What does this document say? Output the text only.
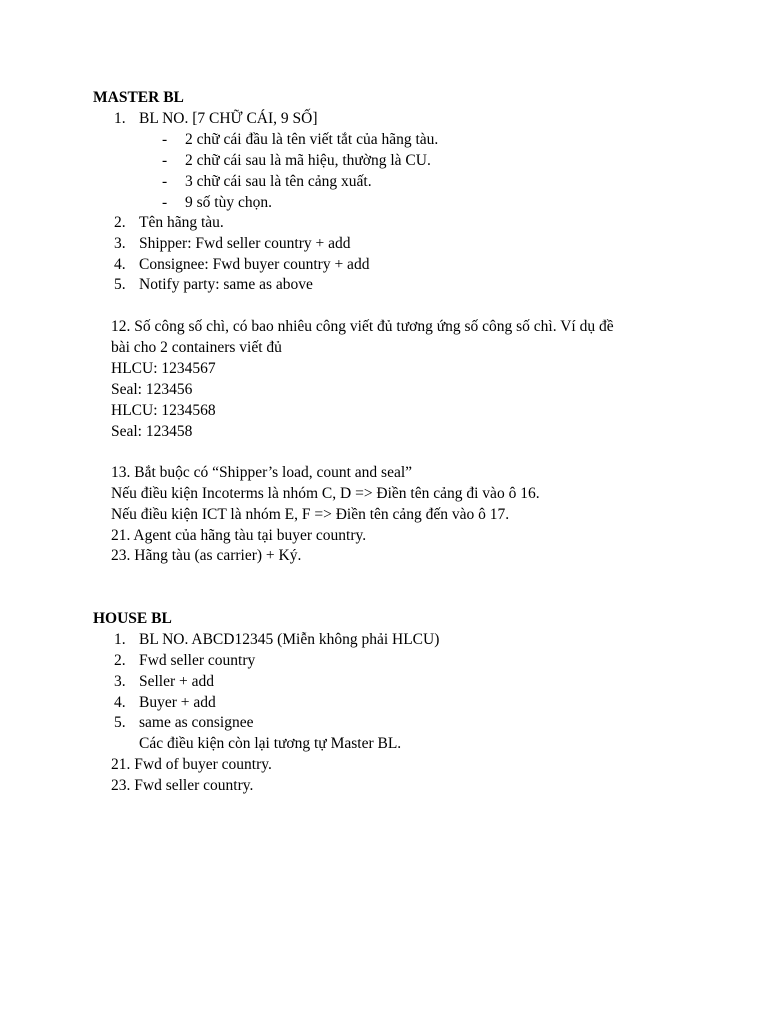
MASTER BL
1. BL NO. [7 CHỮ CÁI, 9 SỐ]
- 2 chữ cái đầu là tên viết tắt của hãng tàu.
- 2 chữ cái sau là mã hiệu, thường là CU.
- 3 chữ cái sau là tên cảng xuất.
- 9 số tùy chọn.
2. Tên hãng tàu.
3. Shipper: Fwd seller country + add
4. Consignee: Fwd buyer country + add
5. Notify party: same as above
12. Số công số chì, có bao nhiêu công viết đủ tương ứng số công số chì. Ví dụ đề
bài cho 2 containers viết đủ
HLCU: 1234567
Seal: 123456
HLCU: 1234568
Seal: 123458
13. Bắt buộc có “Shipper’s load, count and seal”
Nếu điều kiện Incoterms là nhóm C, D => Điền tên cảng đi vào ô 16.
Nếu điều kiện ICT là nhóm E, F => Điền tên cảng đến vào ô 17.
21. Agent của hãng tàu tại buyer country.
23. Hãng tàu (as carrier) + Ký.
HOUSE BL
1. BL NO. ABCD12345 (Miễn không phải HLCU)
2. Fwd seller country
3. Seller + add
4. Buyer + add
5. same as consignee
Các điều kiện còn lại tương tự Master BL.
21. Fwd of buyer country.
23. Fwd seller country.
